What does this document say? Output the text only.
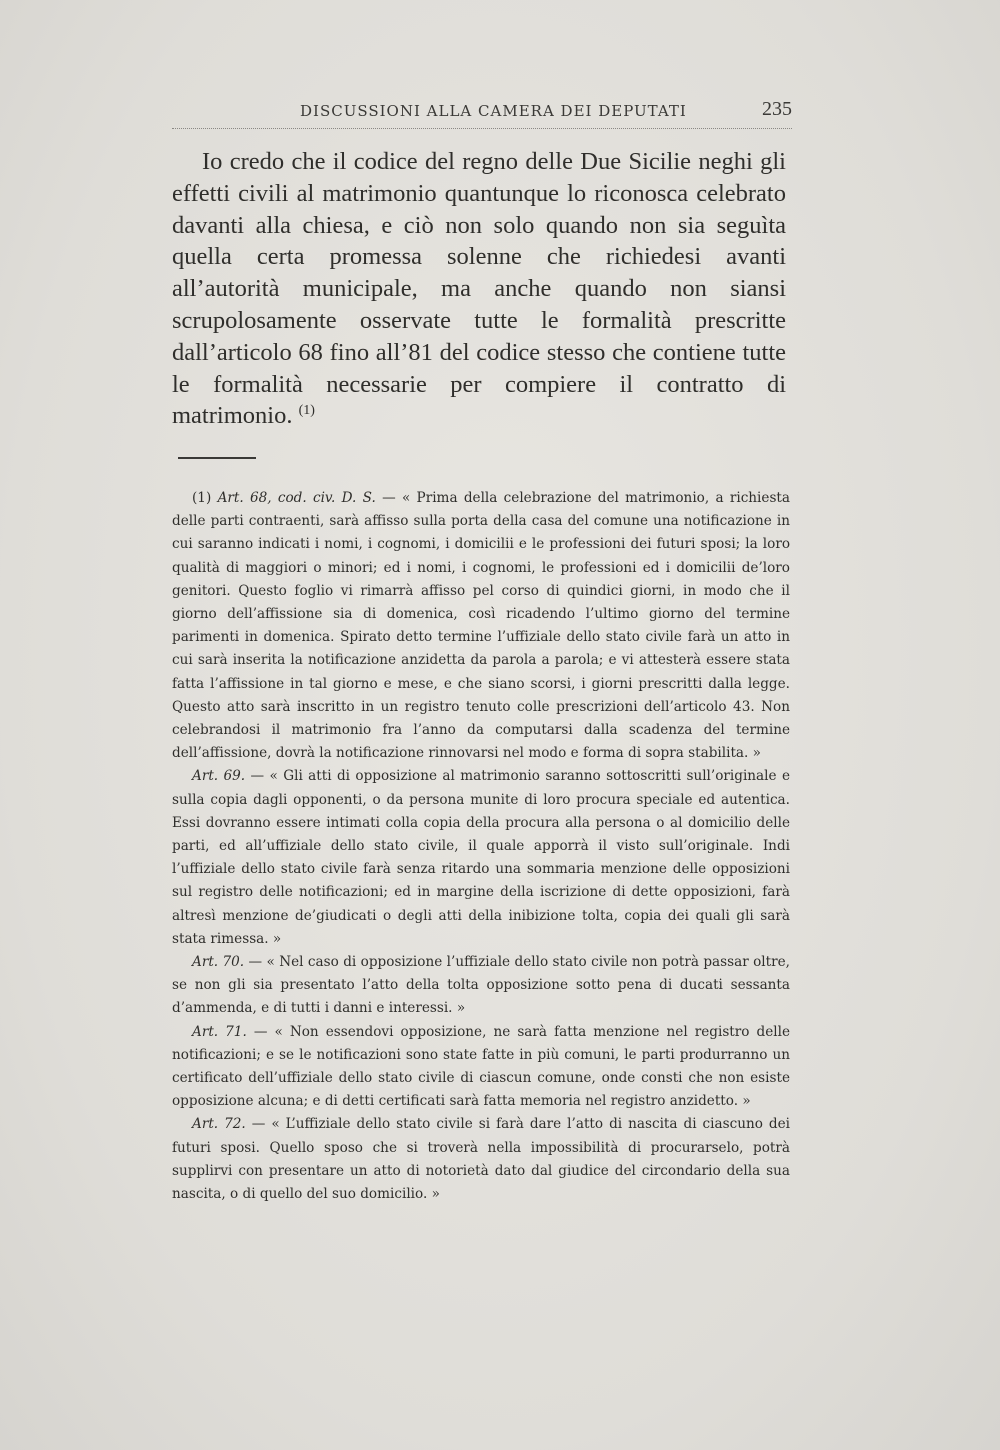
DISCUSSIONI ALLA CAMERA DEI DEPUTATI	235

Io credo che il codice del regno delle Due Sicilie neghi gli effetti civili al matrimonio quantunque lo riconosca celebrato davanti alla chiesa, e ciò non solo quando non sia seguìta quella certa promessa solenne che richiedesi avanti all’autorità municipale, ma anche quando non siansi scrupolosamente osservate tutte le formalità prescritte dall’articolo 68 fino all’81 del codice stesso che contiene tutte le formalità necessarie per compiere il contratto di matrimonio. $^{(1)}$

(1) Art. 68, cod. civ. D. S. — « Prima della celebrazione del matrimonio, a richiesta delle parti contraenti, sarà affisso sulla porta della casa del comune una notificazione in cui saranno indicati i nomi, i cognomi, i domicilii e le professioni dei futuri sposi; la loro qualità di maggiori o minori; ed i nomi, i cognomi, le professioni ed i domicilii de’loro genitori. Questo foglio vi rimarrà affisso pel corso di quindici giorni, in modo che il giorno dell’affissione sia di domenica, così ricadendo l’ultimo giorno del termine parimenti in domenica. Spirato detto termine l’uffiziale dello stato civile farà un atto in cui sarà inserita la notificazione anzidetta da parola a parola; e vi attesterà essere stata fatta l’affissione in tal giorno e mese, e che siano scorsi, i giorni prescritti dalla legge. Questo atto sarà inscritto in un registro tenuto colle prescrizioni dell’articolo 43. Non celebrandosi il matrimonio fra l’anno da computarsi dalla scadenza del termine dell’affissione, dovrà la notificazione rinnovarsi nel modo e forma di sopra stabilita. »

Art. 69. — « Gli atti di opposizione al matrimonio saranno sottoscritti sull’originale e sulla copia dagli opponenti, o da persona munite di loro procura speciale ed autentica. Essi dovranno essere intimati colla copia della procura alla persona o al domicilio delle parti, ed all’uffiziale dello stato civile, il quale apporrà il visto sull’originale. Indi l’uffiziale dello stato civile farà senza ritardo una sommaria menzione delle opposizioni sul registro delle notificazioni; ed in margine della iscrizione di dette opposizioni, farà altresì menzione de’giudicati o degli atti della inibizione tolta, copia dei quali gli sarà stata rimessa. »

Art. 70. — « Nel caso di opposizione l’uffiziale dello stato civile non potrà passar oltre, se non gli sia presentato l’atto della tolta opposizione sotto pena di ducati sessanta d’ammenda, e di tutti i danni e interessi. »

Art. 71. — « Non essendovi opposizione, ne sarà fatta menzione nel registro delle notificazioni; e se le notificazioni sono state fatte in più comuni, le parti produrranno un certificato dell’uffiziale dello stato civile di ciascun comune, onde consti che non esiste opposizione alcuna; e di detti certificati sarà fatta memoria nel registro anzidetto. »

Art. 72. — « L’uffiziale dello stato civile si farà dare l’atto di nascita di ciascuno dei futuri sposi. Quello sposo che si troverà nella impossibilità di procurarselo, potrà supplirvi con presentare un atto di notorietà dato dal giudice del circondario della sua nascita, o di quello del suo domicilio. »
